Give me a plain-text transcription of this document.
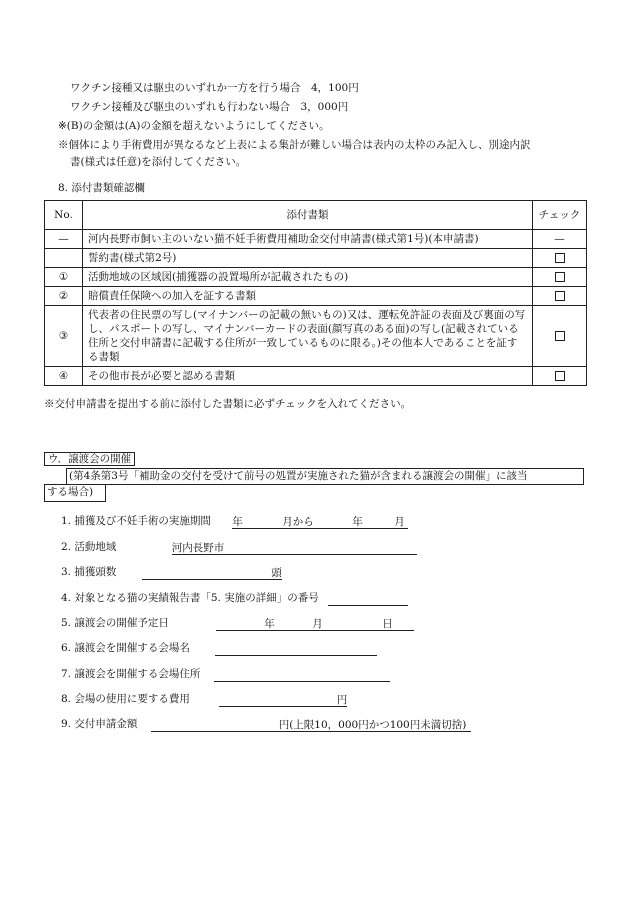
ワクチン接種又は駆虫のいずれか一方を行う場合　4，100円
ワクチン接種及び駆虫のいずれも行わない場合　3，000円
※(B)の金額は(A)の金額を超えないようにしてください。
※個体により手術費用が異なるなど上表による集計が難しい場合は表内の太枠のみ記入し、別途内訳
書(様式は任意)を添付してください。
8. 添付書類確認欄
No.	添付書類	チェック
—	河内長野市飼い主のいない猫不妊手術費用補助金交付申請書(様式第1号)(本申請書)	—
	誓約書(様式第2号)	
①	活動地域の区域図(捕獲器の設置場所が記載されたもの)	
②	賠償責任保険への加入を証する書類	
③	代表者の住民票の写し(マイナンバーの記載の無いもの)又は、運転免許証の表面及び裏面の写し、パスポートの写し、マイナンバーカードの表面(顔写真のある面)の写し(記載されている住所と交付申請書に記載する住所が一致しているものに限る。)その他本人であることを証する書類	
④	その他市長が必要と認める書類	
※交付申請書を提出する前に添付した書類に必ずチェックを入れてください。
ウ．譲渡会の開催
(第4条第3号「補助金の交付を受けて前号の処置が実施された猫が含まれる譲渡会の開催」に該当
する場合)
1. 捕獲及び不妊手術の実施期間 年	月から	年	月
2. 活動地域	河内長野市
3. 捕獲頭数	頭
4. 対象となる猫の実績報告書「5. 実施の詳細」の番号
5. 譲渡会の開催予定日	年	月	日
6. 譲渡会を開催する会場名
7. 譲渡会を開催する会場住所
8. 会場の使用に要する費用	円
9. 交付申請金額	円(上限10，000円かつ100円未満切捨)
